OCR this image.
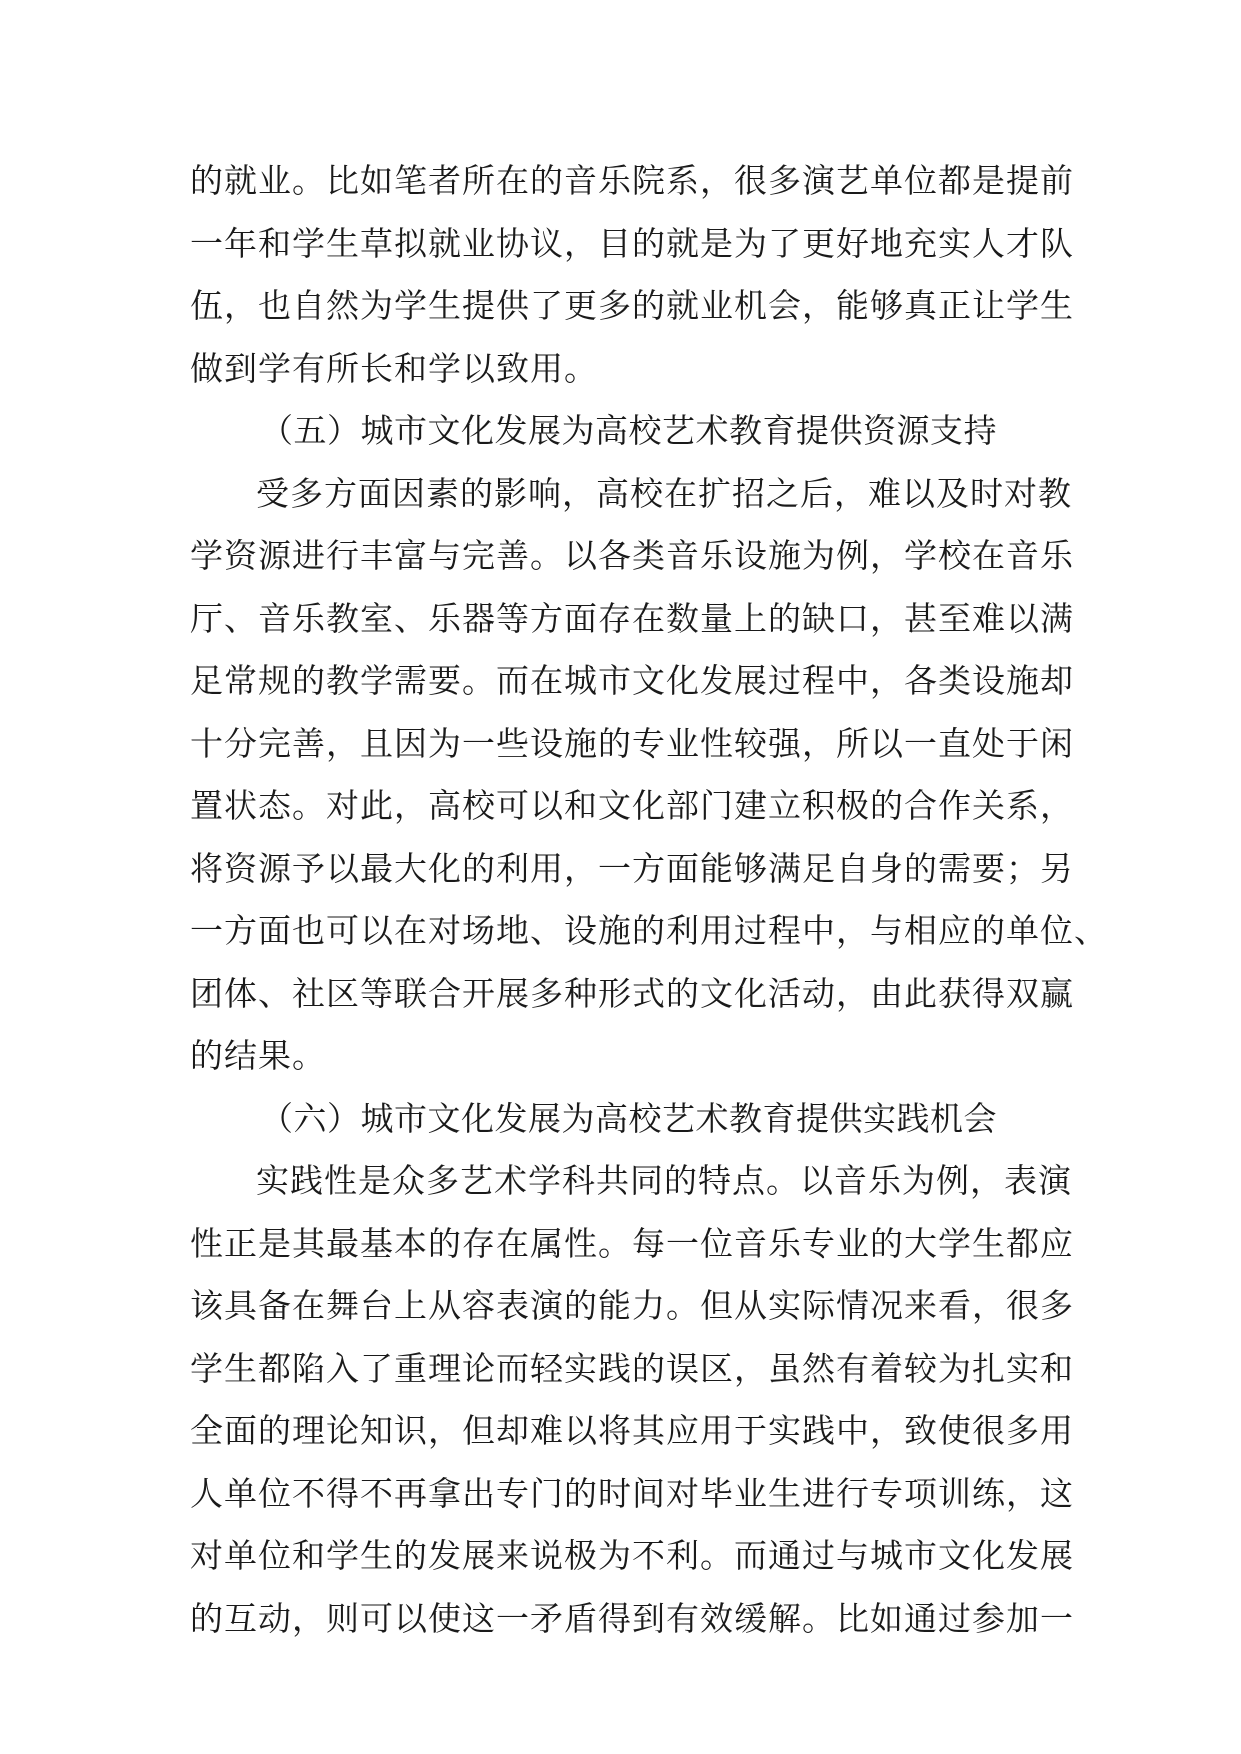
的就业。比如笔者所在的音乐院系，很多演艺单位都是提前
一年和学生草拟就业协议，目的就是为了更好地充实人才队
伍，也自然为学生提供了更多的就业机会，能够真正让学生
做到学有所长和学以致用。
（五）城市文化发展为高校艺术教育提供资源支持
受多方面因素的影响，高校在扩招之后，难以及时对教
学资源进行丰富与完善。以各类音乐设施为例，学校在音乐
厅、音乐教室、乐器等方面存在数量上的缺口，甚至难以满
足常规的教学需要。而在城市文化发展过程中，各类设施却
十分完善，且因为一些设施的专业性较强，所以一直处于闲
置状态。对此，高校可以和文化部门建立积极的合作关系，
将资源予以最大化的利用，一方面能够满足自身的需要；另
一方面也可以在对场地、设施的利用过程中，与相应的单位、
团体、社区等联合开展多种形式的文化活动，由此获得双赢
的结果。
（六）城市文化发展为高校艺术教育提供实践机会
实践性是众多艺术学科共同的特点。以音乐为例，表演
性正是其最基本的存在属性。每一位音乐专业的大学生都应
该具备在舞台上从容表演的能力。但从实际情况来看，很多
学生都陷入了重理论而轻实践的误区，虽然有着较为扎实和
全面的理论知识，但却难以将其应用于实践中，致使很多用
人单位不得不再拿出专门的时间对毕业生进行专项训练，这
对单位和学生的发展来说极为不利。而通过与城市文化发展
的互动，则可以使这一矛盾得到有效缓解。比如通过参加一
